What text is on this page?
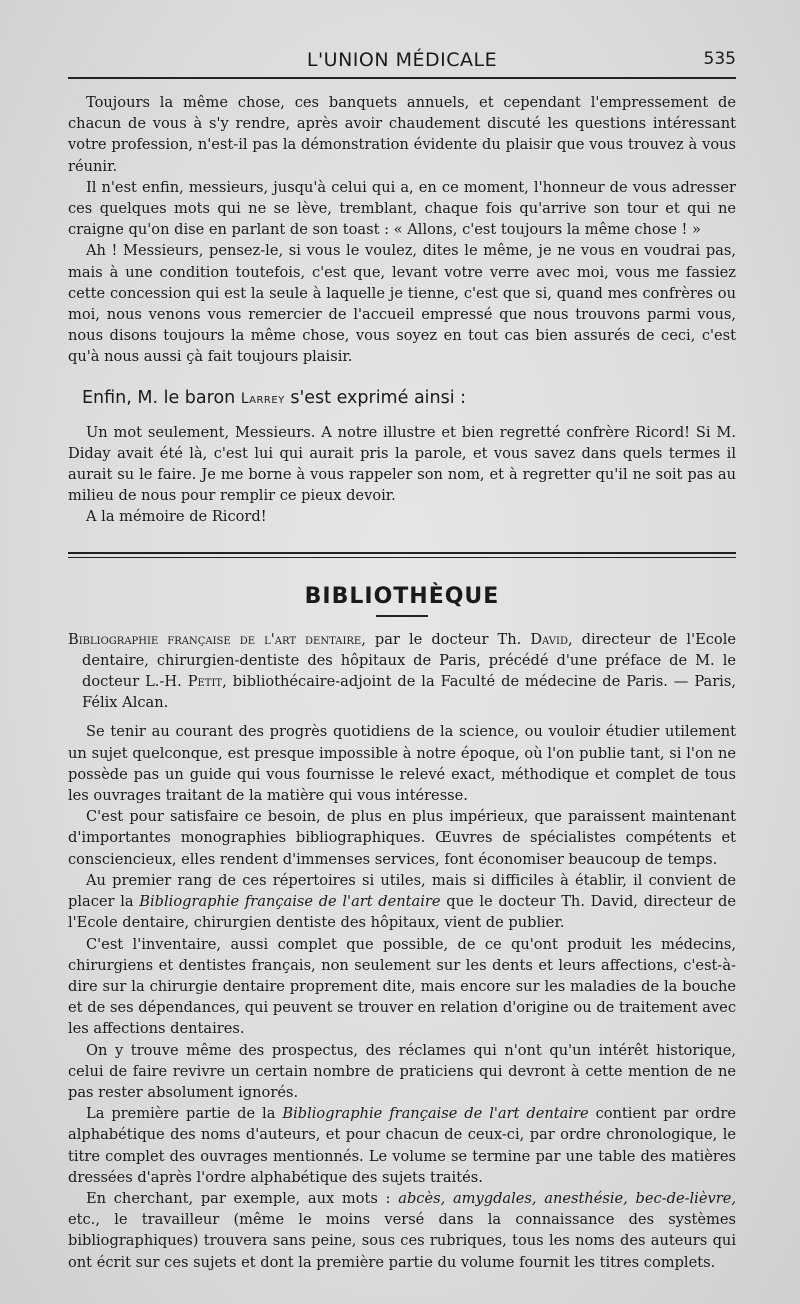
L'UNION MÉDICALE	535

Toujours la même chose, ces banquets annuels, et cependant l'empressement de chacun de vous à s'y rendre, après avoir chaudement discuté les questions intéressant votre profession, n'est-il pas la démonstration évidente du plaisir que vous trouvez à vous réunir.

Il n'est enfin, messieurs, jusqu'à celui qui a, en ce moment, l'honneur de vous adresser ces quelques mots qui ne se lève, tremblant, chaque fois qu'arrive son tour et qui ne craigne qu'on dise en parlant de son toast : « Allons, c'est toujours la même chose ! »

Ah ! Messieurs, pensez-le, si vous le voulez, dites le même, je ne vous en voudrai pas, mais à une condition toutefois, c'est que, levant votre verre avec moi, vous me fassiez cette concession qui est la seule à laquelle je tienne, c'est que si, quand mes confrères ou moi, nous venons vous remercier de l'accueil empressé que nous trouvons parmi vous, nous disons toujours la même chose, vous soyez en tout cas bien assurés de ceci, c'est qu'à nous aussi çà fait toujours plaisir.

Enfin, M. le baron Larrey s'est exprimé ainsi :

Un mot seulement, Messieurs. A notre illustre et bien regretté confrère Ricord! Si M. Diday avait été là, c'est lui qui aurait pris la parole, et vous savez dans quels termes il aurait su le faire. Je me borne à vous rappeler son nom, et à regretter qu'il ne soit pas au milieu de nous pour remplir ce pieux devoir.

A la mémoire de Ricord!

BIBLIOTHÈQUE

Bibliographie française de l'art dentaire, par le docteur Th. David, directeur de l'Ecole dentaire, chirurgien-dentiste des hôpitaux de Paris, précédé d'une préface de M. le docteur L.-H. Petit, bibliothécaire-adjoint de la Faculté de médecine de Paris. — Paris, Félix Alcan.

Se tenir au courant des progrès quotidiens de la science, ou vouloir étudier utilement un sujet quelconque, est presque impossible à notre époque, où l'on publie tant, si l'on ne possède pas un guide qui vous fournisse le relevé exact, méthodique et complet de tous les ouvrages traitant de la matière qui vous intéresse.

C'est pour satisfaire ce besoin, de plus en plus impérieux, que paraissent maintenant d'importantes monographies bibliographiques. Œuvres de spécialistes compétents et consciencieux, elles rendent d'immenses services, font économiser beaucoup de temps.

Au premier rang de ces répertoires si utiles, mais si difficiles à établir, il convient de placer la Bibliographie française de l'art dentaire que le docteur Th. David, directeur de l'Ecole dentaire, chirurgien dentiste des hôpitaux, vient de publier.

C'est l'inventaire, aussi complet que possible, de ce qu'ont produit les médecins, chirurgiens et dentistes français, non seulement sur les dents et leurs affections, c'est-à-dire sur la chirurgie dentaire proprement dite, mais encore sur les maladies de la bouche et de ses dépendances, qui peuvent se trouver en relation d'origine ou de traitement avec les affections dentaires.

On y trouve même des prospectus, des réclames qui n'ont qu'un intérêt historique, celui de faire revivre un certain nombre de praticiens qui devront à cette mention de ne pas rester absolument ignorés.

La première partie de la Bibliographie française de l'art dentaire contient par ordre alphabétique des noms d'auteurs, et pour chacun de ceux-ci, par ordre chronologique, le titre complet des ouvrages mentionnés. Le volume se termine par une table des matières dressées d'après l'ordre alphabétique des sujets traités.

En cherchant, par exemple, aux mots : abcès, amygdales, anesthésie, bec-de-lièvre, etc., le travailleur (même le moins versé dans la connaissance des systèmes bibliographiques) trouvera sans peine, sous ces rubriques, tous les noms des auteurs qui ont écrit sur ces sujets et dont la première partie du volume fournit les titres complets.
